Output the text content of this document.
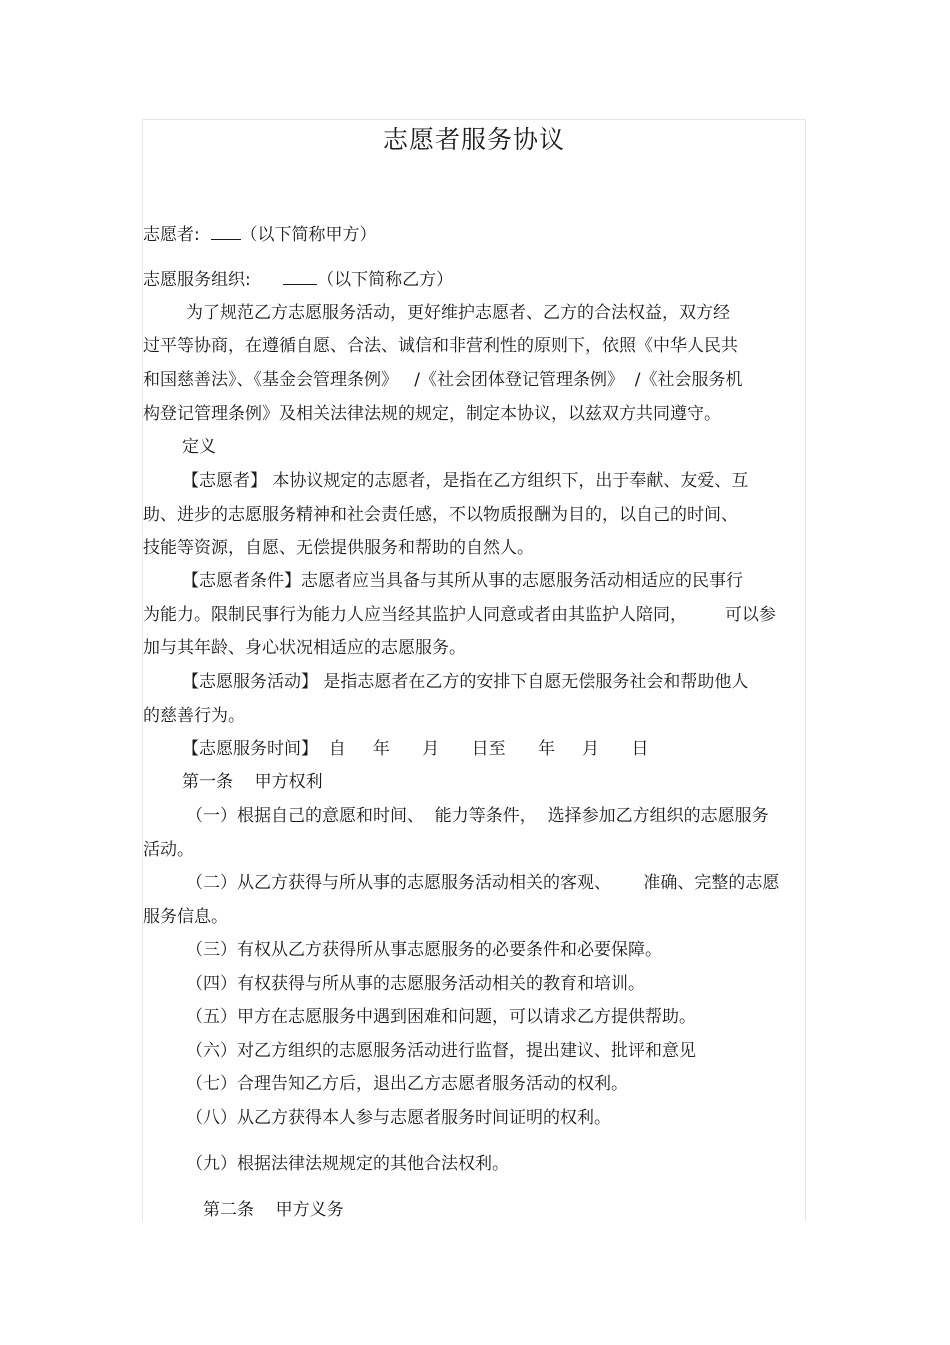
志愿者服务协议
志愿者: （以下简称甲方）
志愿服务组织:	（以下简称乙方）
为了规范乙方志愿服务活动，更好维护志愿者、乙方的合法权益，双方经
过平等协商，在遵循自愿、合法、诚信和非营利性的原则下，依照《中华人民共
和国慈善法》、《基金会管理条例》   /《社会团体登记管理条例》  /《社会服务机
构登记管理条例》及相关法律法规的规定，制定本协议，以兹双方共同遵守。
定义
【志愿者】 本协议规定的志愿者，是指在乙方组织下，出于奉献、友爱、互
助、进步的志愿服务精神和社会责任感，不以物质报酬为目的，以自己的时间、
技能等资源，自愿、无偿提供服务和帮助的自然人。
【志愿者条件】志愿者应当具备与其所从事的志愿服务活动相适应的民事行
为能力。限制民事行为能力人应当经其监护人同意或者由其监护人陪同，       可以参
加与其年龄、身心状况相适应的志愿服务。
【志愿服务活动】 是指志愿者在乙方的安排下自愿无偿服务社会和帮助他人
的慈善行为。
【志愿服务时间】  自     年      月      日至      年     月      日
第一条    甲方权利
（一）根据自己的意愿和时间、  能力等条件，  选择参加乙方组织的志愿服务
活动。
（二）从乙方获得与所从事的志愿服务活动相关的客观、      准确、完整的志愿
服务信息。
（三）有权从乙方获得所从事志愿服务的必要条件和必要保障。
（四）有权获得与所从事的志愿服务活动相关的教育和培训。
（五）甲方在志愿服务中遇到困难和问题，可以请求乙方提供帮助。
（六）对乙方组织的志愿服务活动进行监督，提出建议、批评和意见
（七）合理告知乙方后，退出乙方志愿者服务活动的权利。
（八）从乙方获得本人参与志愿者服务时间证明的权利。
（九）根据法律法规规定的其他合法权利。
第二条    甲方义务
